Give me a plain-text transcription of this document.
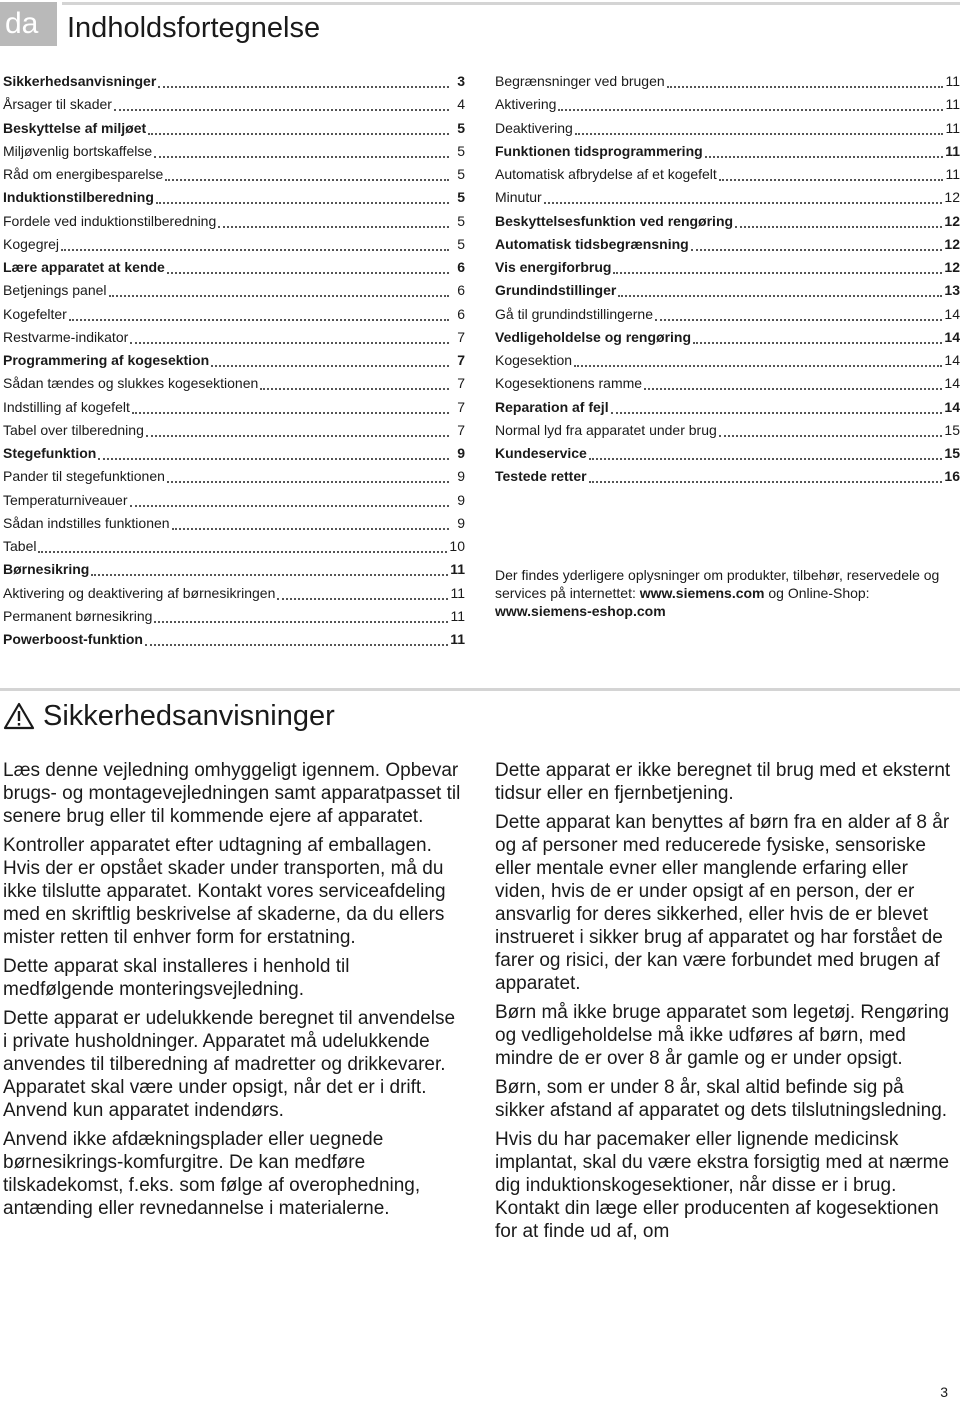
da Indholdsfortegnelse
Sikkerhedsanvisninger	3
Årsager til skader	4
Beskyttelse af miljøet	5
Miljøvenlig bortskaffelse	5
Råd om energibesparelse	5
Induktionstilberedning	5
Fordele ved induktionstilberedning	5
Kogegrej	5
Lære apparatet at kende	6
Betjenings panel	6
Kogefelter	6
Restvarme-indikator	7
Programmering af kogesektion	7
Sådan tændes og slukkes kogesektionen	7
Indstilling af kogefelt	7
Tabel over tilberedning	7
Stegefunktion	9
Pander til stegefunktionen	9
Temperaturniveauer	9
Sådan indstilles funktionen	9
Tabel	10
Børnesikring	11
Aktivering og deaktivering af børnesikringen	11
Permanent børnesikring	11
Powerboost-funktion	11
Begrænsninger ved brugen	11
Aktivering	11
Deaktivering	11
Funktionen tidsprogrammering	11
Automatisk afbrydelse af et kogefelt	11
Minutur	12
Beskyttelsesfunktion ved rengøring	12
Automatisk tidsbegrænsning	12
Vis energiforbrug	12
Grundindstillinger	13
Gå til grundindstillingerne	14
Vedligeholdelse og rengøring	14
Kogesektion	14
Kogesektionens ramme	14
Reparation af fejl	14
Normal lyd fra apparatet under brug	15
Kundeservice	15
Testede retter	16

Der findes yderligere oplysninger om produkter, tilbehør, reservedele og services på internettet: www.siemens.com og Online-Shop: www.siemens-eshop.com

Sikkerhedsanvisninger

Læs denne vejledning omhyggeligt igennem. Opbevar brugs- og montagevejledningen samt apparatpasset til senere brug eller til kommende ejere af apparatet.

Kontroller apparatet efter udtagning af emballagen. Hvis der er opstået skader under transporten, må du ikke tilslutte apparatet. Kontakt vores serviceafdeling med en skriftlig beskrivelse af skaderne, da du ellers mister retten til enhver form for erstatning.

Dette apparat skal installeres i henhold til medfølgende monteringsvejledning.

Dette apparat er udelukkende beregnet til anvendelse i private husholdninger. Apparatet må udelukkende anvendes til tilberedning af madretter og drikkevarer. Apparatet skal være under opsigt, når det er i drift. Anvend kun apparatet indendørs.

Anvend ikke afdækningsplader eller uegnede børnesikrings-komfurgitre. De kan medføre tilskadekomst, f.eks. som følge af overophedning, antænding eller revnedannelse i materialerne.

Dette apparat er ikke beregnet til brug med et eksternt tidsur eller en fjernbetjening.

Dette apparat kan benyttes af børn fra en alder af 8 år og af personer med reducerede fysiske, sensoriske eller mentale evner eller manglende erfaring eller viden, hvis de er under opsigt af en person, der er ansvarlig for deres sikkerhed, eller hvis de er blevet instrueret i sikker brug af apparatet og har forstået de farer og risici, der kan være forbundet med brugen af apparatet.

Børn må ikke bruge apparatet som legetøj. Rengøring og vedligeholdelse må ikke udføres af børn, med mindre de er over 8 år gamle og er under opsigt.

Børn, som er under 8 år, skal altid befinde sig på sikker afstand af apparatet og dets tilslutningsledning.

Hvis du har pacemaker eller lignende medicinsk implantat, skal du være ekstra forsigtig med at nærme dig induktionskogesektioner, når disse er i brug. Kontakt din læge eller producenten af kogesektionen for at finde ud af, om

3
